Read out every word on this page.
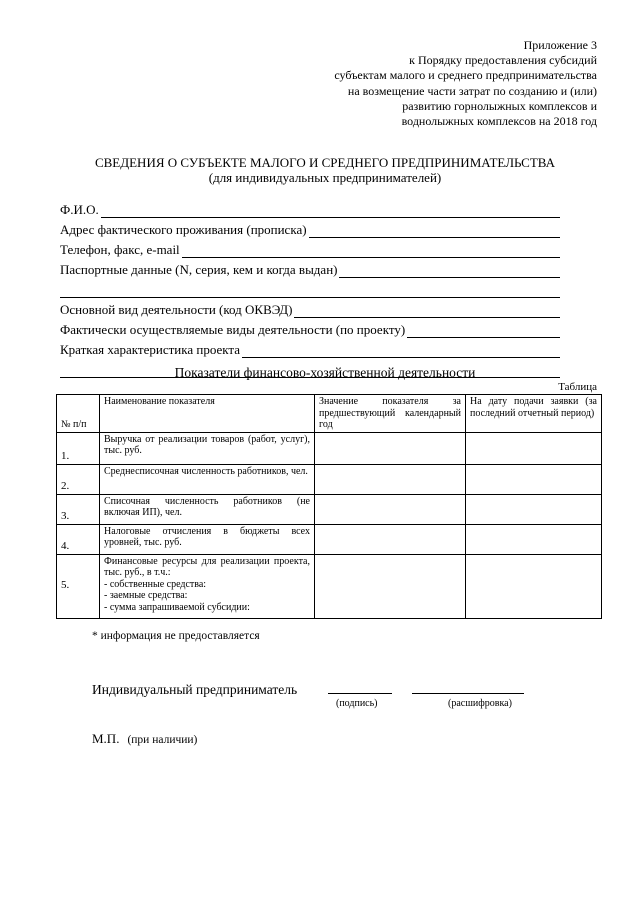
Приложение 3
к Порядку предоставления субсидий
субъектам малого и среднего предпринимательства
на возмещение части затрат по созданию и (или)
развитию горнолыжных комплексов и
воднолыжных комплексов на 2018 год
СВЕДЕНИЯ О СУБЪЕКТЕ МАЛОГО И СРЕДНЕГО ПРЕДПРИНИМАТЕЛЬСТВА
(для индивидуальных предпринимателей)
Ф.И.О.
Адрес фактического проживания (прописка)
Телефон, факс, e-mail
Паспортные данные (N, серия, кем и когда выдан)
Основной вид деятельности (код ОКВЭД)
Фактически осуществляемые виды деятельности (по проекту)
Краткая характеристика проекта
Показатели финансово-хозяйственной деятельности
Таблица
№ п/п	Наименование показателя	Значение показателя за предшествующий календарный год	На дату подачи заявки (за последний отчетный период)
1.	Выручка от реализации товаров (работ, услуг), тыс. руб.		
2.	Среднесписочная численность работников, чел.		
3.	Списочная численность работников (не включая ИП), чел.		
4.	Налоговые отчисления в бюджеты всех уровней, тыс. руб.		
5.	Финансовые ресурсы для реализации проекта, тыс. руб., в т.ч.:
- собственные средства:
- заемные средства:
- сумма запрашиваемой субсидии:		

* информация не предоставляется
Индивидуальный предприниматель
(подпись)	(расшифровка)
М.П. (при наличии)
